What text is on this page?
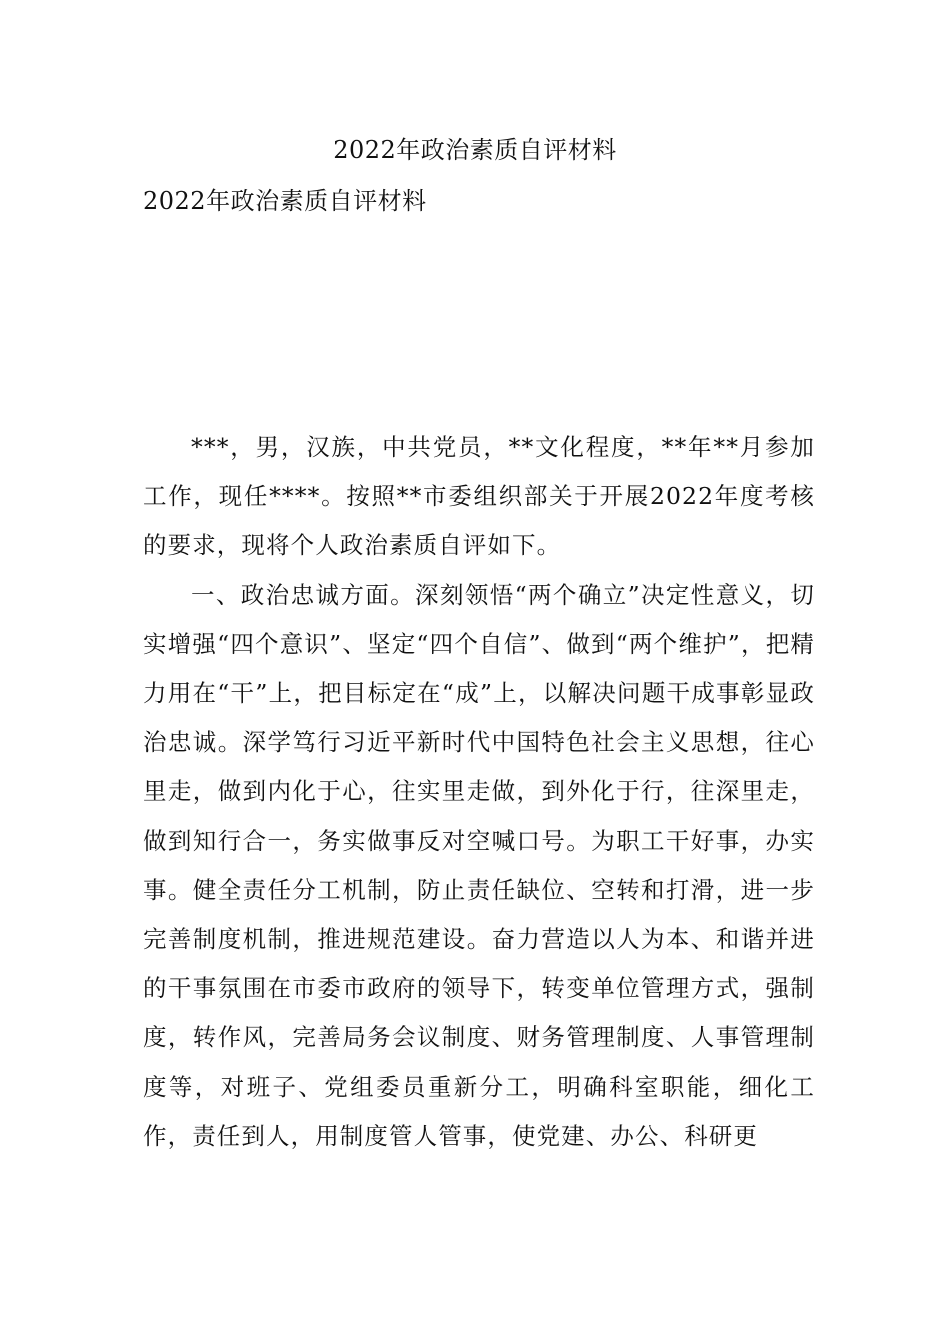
2022年政治素质自评材料
2022年政治素质自评材料

***，男，汉族，中共党员，**文化程度，**年**月参加工作，现任****。按照**市委组织部关于开展2022年度考核的要求，现将个人政治素质自评如下。

一、政治忠诚方面。深刻领悟“两个确立”决定性意义，切实增强“四个意识”、坚定“四个自信”、做到“两个维护”，把精力用在“干”上，把目标定在“成”上，以解决问题干成事彰显政治忠诚。深学笃行习近平新时代中国特色社会主义思想，往心里走，做到内化于心，往实里走做，到外化于行，往深里走，做到知行合一，务实做事反对空喊口号。为职工干好事，办实事。健全责任分工机制，防止责任缺位、空转和打滑，进一步完善制度机制，推进规范建设。奋力营造以人为本、和谐并进的干事氛围在市委市政府的领导下，转变单位管理方式，强制度，转作风，完善局务会议制度、财务管理制度、人事管理制度等，对班子、党组委员重新分工，明确科室职能，细化工作，责任到人，用制度管人管事，使党建、办公、科研更
